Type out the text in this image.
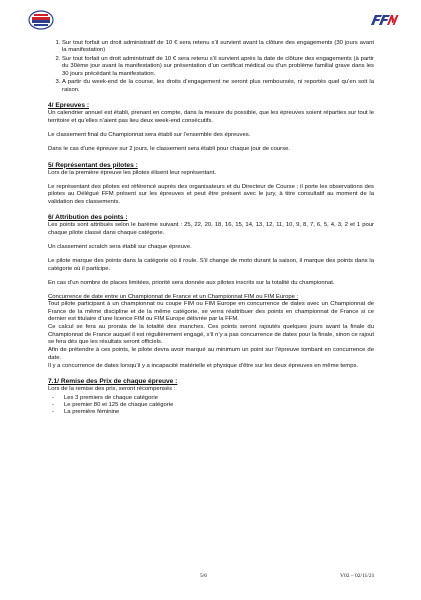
1. Sur tout forfait un droit administratif de 10 € sera retenu s’il survient avant la clôture des engagements (30 jours avant la manifestation)
2. Sur tout forfait un droit administratif de 10 € sera retenu s’il survient après la date de clôture des engagements (à partir du 30ème jour avant la manifestation) sur présentation d’un certificat médical ou d’un problème familial grave dans les 30 jours précédant la manifestation.
3. A partir du week-end de la course, les droits d’engagement ne seront plus remboursés, ni reportés quel qu’en soit la raison.
4/ Epreuves :

Un calendrier annuel est établi, prenant en compte, dans la mesure du possible, que les épreuves soient réparties sur tout le territoire et qu’elles n’aient pas lieu deux week-end consécutifs.

Le classement final du Championnat sera établi sur l’ensemble des épreuves.

Dans le cas d’une épreuve sur 2 jours, le classement sera établi pour chaque jour de course.

5/ Représentant des pilotes :

Lors de la première épreuve les pilotes élisent leur représentant.

Le représentant des pilotes est référencé auprès des organisateurs et du Directeur de Course ; il porte les observations des pilotes au Délégué FFM présent sur les épreuves et peut être présent avec le jury, à titre consultatif au moment de la validation des classements.

6/ Attribution des points :

Les points sont attribués selon le barème suivant : 25, 22, 20, 18, 16, 15, 14, 13, 12, 11, 10, 9, 8, 7, 6, 5, 4, 3, 2 et 1 pour chaque pilote classé dans chaque catégorie.

Un classement scratch sera établi sur chaque épreuve.

Le pilote marque des points dans la catégorie où il roule. S’il change de moto durant la saison, il marque des points dans la catégorie où il participe.

En cas d’un nombre de places limitées, priorité sera donnée aux pilotes inscrits sur la totalité du championnat.

Concurrence de date entre un Championnat de France et un Championnat FIM ou FIM Europe :

Tout pilote participant à un championnat ou coupe FIM ou FIM Europe en concurrence de dates avec un Championnat de France de la même discipline et de la même catégorie, se verra réattribuer des points en championnat de France si ce dernier est titulaire d’une licence FIM ou FIM Europe délivrée par la FFM.

Ce calcul se fera au prorata de la totalité des manches. Ces points seront rajoutés quelques jours avant la finale du Championnat de France auquel il est régulièrement engagé, s’il n’y a pas concurrence de dates pour la finale, sinon ce rajout se fera dès que les résultats seront officiels.

Afin de prétendre à ces points, le pilote devra avoir marqué au minimum un point sur l’épreuve tombant en concurrence de date.

Il y a concurrence de dates lorsqu’il y a incapacité matérielle et physique d’être sur les deux épreuves en même temps.

7.1/ Remise des Prix de chaque épreuve :

Lors de la remise des prix, seront récompensés :

- Les 3 premiers de chaque catégorie
- Le premier 80 et 125 de chaque catégorie
- La première féminine
5/6	V02 – 02/11/21
